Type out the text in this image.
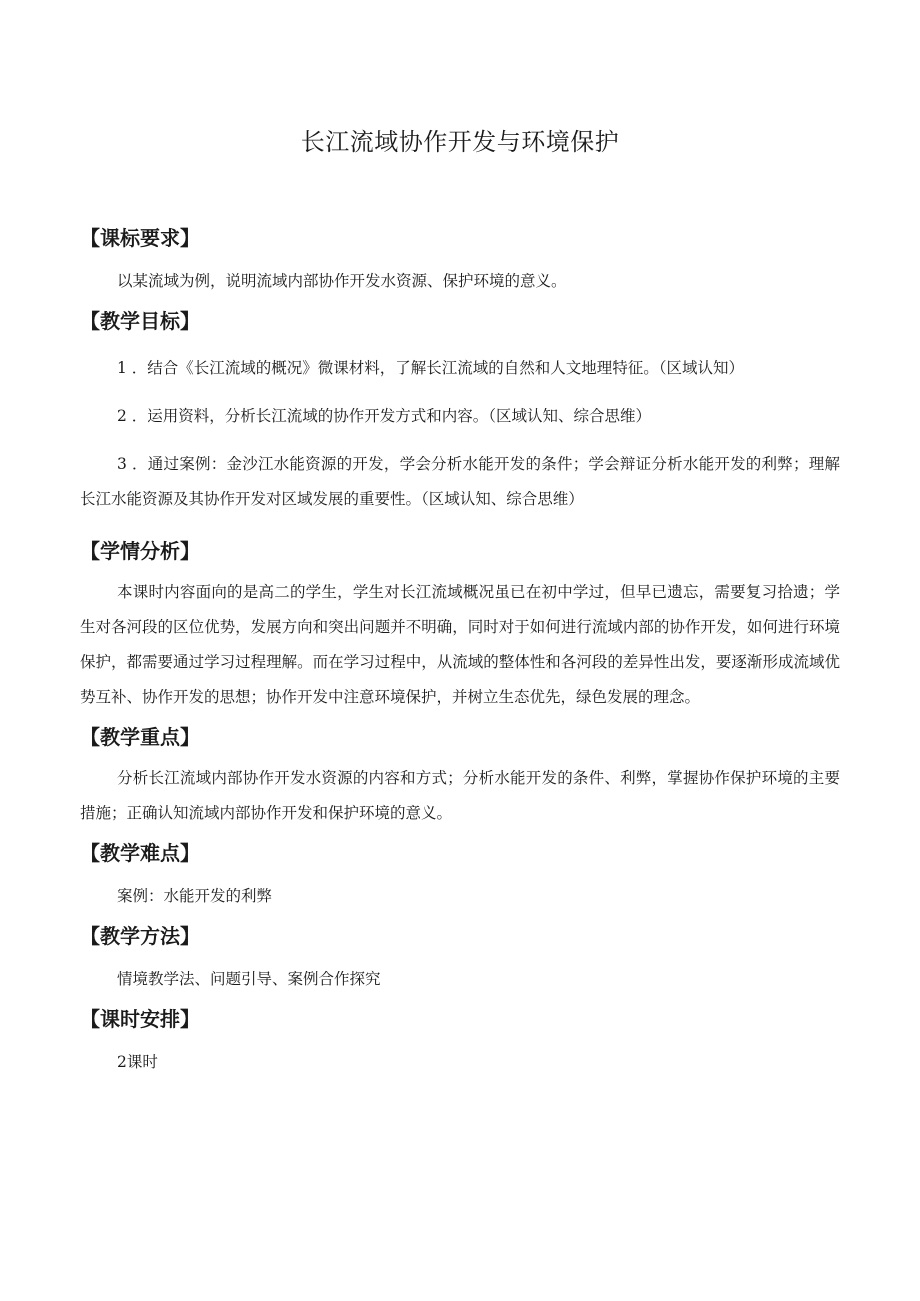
长江流域协作开发与环境保护

【课标要求】

以某流域为例，说明流域内部协作开发水资源、保护环境的意义。

【教学目标】

1 ．结合《长江流域的概况》微课材料，了解长江流域的自然和人文地理特征。（区域认知）

2 ．运用资料，分析长江流域的协作开发方式和内容。（区域认知、综合思维）

3 ．通过案例：金沙江水能资源的开发，学会分析水能开发的条件；学会辩证分析水能开发的利弊；理解长江水能资源及其协作开发对区域发展的重要性。（区域认知、综合思维）

【学情分析】

本课时内容面向的是高二的学生，学生对长江流域概况虽已在初中学过，但早已遗忘，需要复习拾遗；学生对各河段的区位优势，发展方向和突出问题并不明确，同时对于如何进行流域内部的协作开发，如何进行环境保护，都需要通过学习过程理解。而在学习过程中，从流域的整体性和各河段的差异性出发，要逐渐形成流域优势互补、协作开发的思想；协作开发中注意环境保护，并树立生态优先，绿色发展的理念。

【教学重点】

分析长江流域内部协作开发水资源的内容和方式；分析水能开发的条件、利弊，掌握协作保护环境的主要措施；正确认知流域内部协作开发和保护环境的意义。

【教学难点】

案例：水能开发的利弊

【教学方法】

情境教学法、问题引导、案例合作探究

【课时安排】

2课时
